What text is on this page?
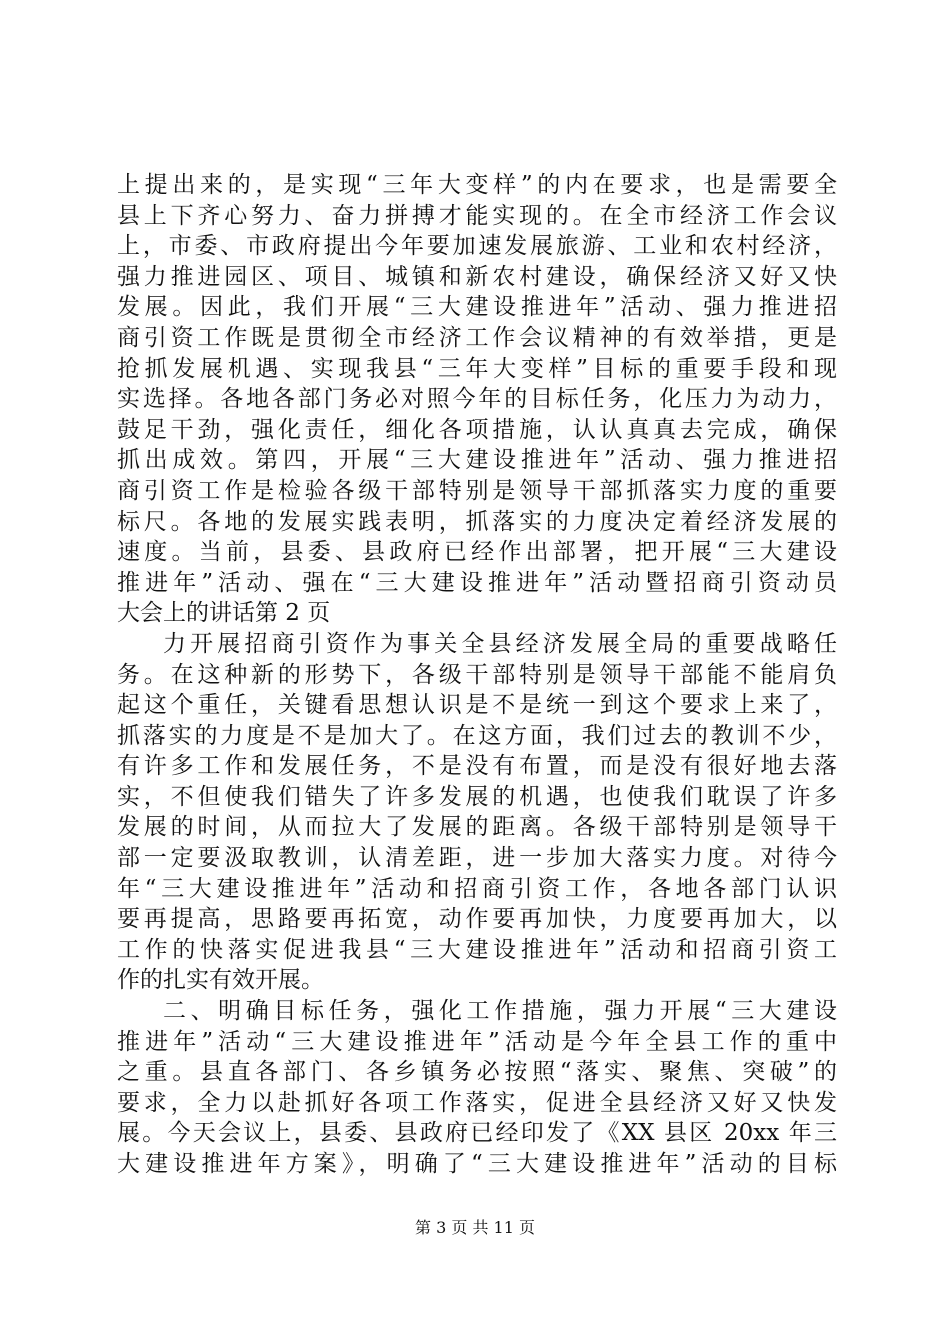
上提出来的，是实现“三年大变样”的内在要求，也是需要全
县上下齐心努力、奋力拼搏才能实现的。在全市经济工作会议
上，市委、市政府提出今年要加速发展旅游、工业和农村经济，
强力推进园区、项目、城镇和新农村建设，确保经济又好又快
发展。因此，我们开展“三大建设推进年”活动、强力推进招
商引资工作既是贯彻全市经济工作会议精神的有效举措，更是
抢抓发展机遇、实现我县“三年大变样”目标的重要手段和现
实选择。各地各部门务必对照今年的目标任务，化压力为动力，
鼓足干劲，强化责任，细化各项措施，认认真真去完成，确保
抓出成效。第四，开展“三大建设推进年”活动、强力推进招
商引资工作是检验各级干部特别是领导干部抓落实力度的重要
标尺。各地的发展实践表明，抓落实的力度决定着经济发展的
速度。当前，县委、县政府已经作出部署，把开展“三大建设
推进年”活动、强在“三大建设推进年”活动暨招商引资动员
大会上的讲话第 2 页
力开展招商引资作为事关全县经济发展全局的重要战略任
务。在这种新的形势下，各级干部特别是领导干部能不能肩负
起这个重任，关键看思想认识是不是统一到这个要求上来了，
抓落实的力度是不是加大了。在这方面，我们过去的教训不少，
有许多工作和发展任务，不是没有布置，而是没有很好地去落
实，不但使我们错失了许多发展的机遇，也使我们耽误了许多
发展的时间，从而拉大了发展的距离。各级干部特别是领导干
部一定要汲取教训，认清差距，进一步加大落实力度。对待今
年“三大建设推进年”活动和招商引资工作，各地各部门认识
要再提高，思路要再拓宽，动作要再加快，力度要再加大，以
工作的快落实促进我县“三大建设推进年”活动和招商引资工
作的扎实有效开展。
二、明确目标任务，强化工作措施，强力开展“三大建设
推进年”活动“三大建设推进年”活动是今年全县工作的重中
之重。县直各部门、各乡镇务必按照“落实、聚焦、突破”的
要求，全力以赴抓好各项工作落实，促进全县经济又好又快发
展。今天会议上，县委、县政府已经印发了《XX 县区 20xx 年三
大建设推进年方案》，明确了“三大建设推进年”活动的目标
第 3 页 共 11 页
